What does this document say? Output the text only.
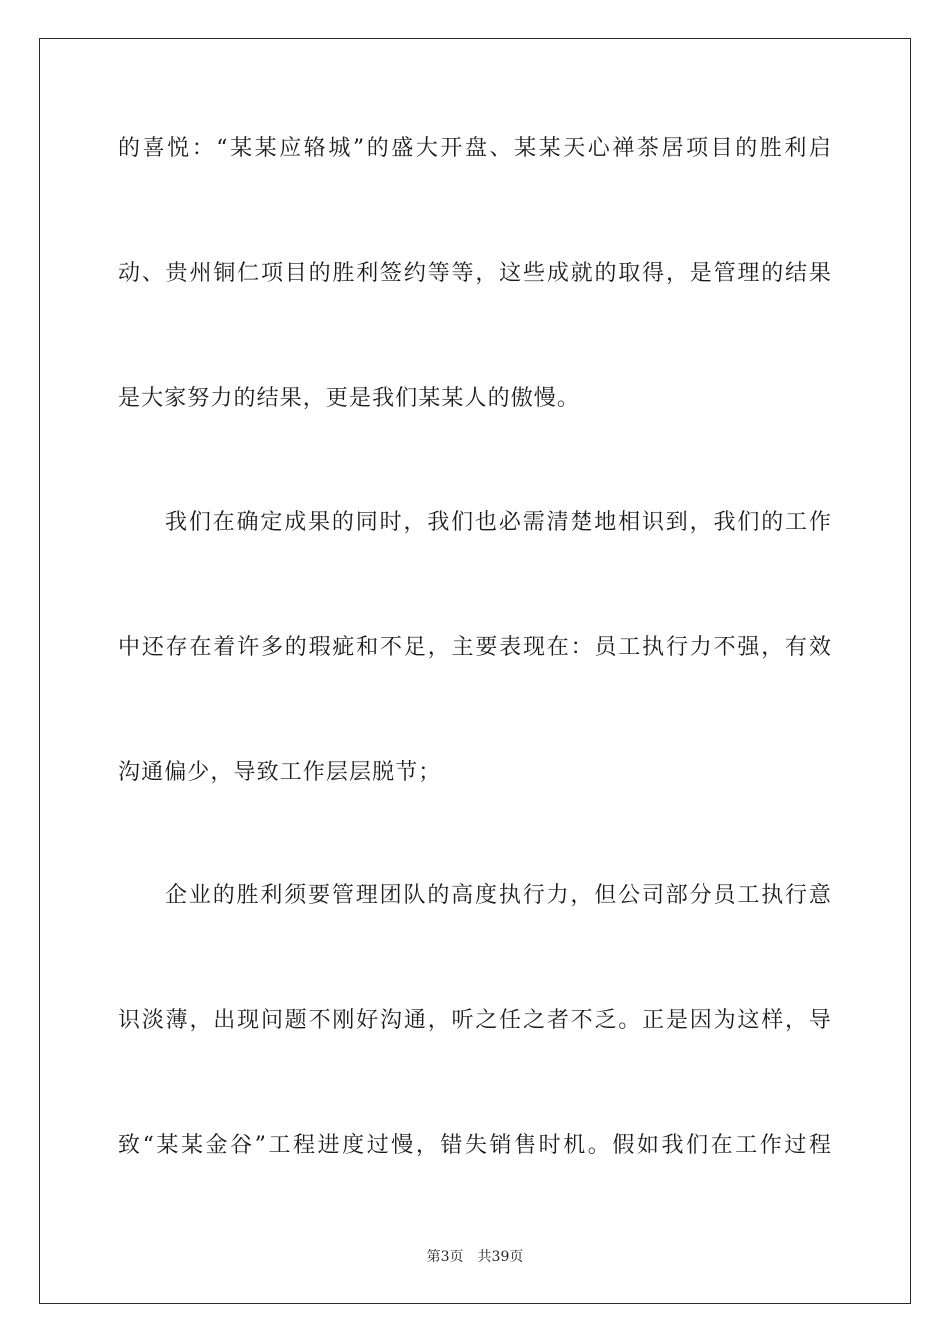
的喜悦：“某某应辂城”的盛大开盘、某某天心禅茶居项目的胜利启
动、贵州铜仁项目的胜利签约等等，这些成就的取得，是管理的结果
是大家努力的结果，更是我们某某人的傲慢。
我们在确定成果的同时，我们也必需清楚地相识到，我们的工作
中还存在着许多的瑕疵和不足，主要表现在：员工执行力不强，有效
沟通偏少，导致工作层层脱节；
企业的胜利须要管理团队的高度执行力，但公司部分员工执行意
识淡薄，出现问题不刚好沟通，听之任之者不乏。正是因为这样，导
致“某某金谷”工程进度过慢，错失销售时机。假如我们在工作过程
第3页 共39页
